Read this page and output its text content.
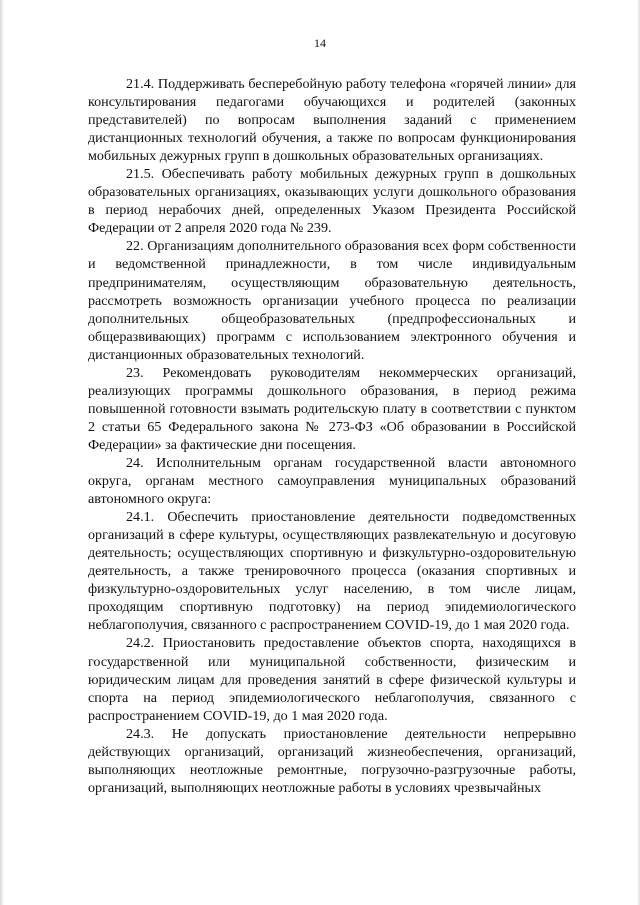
14

21.4. Поддерживать бесперебойную работу телефона «горячей линии» для консультирования педагогами обучающихся и родителей (законных представителей) по вопросам выполнения заданий с применением дистанционных технологий обучения, а также по вопросам функционирования мобильных дежурных групп в дошкольных образовательных организациях.

21.5. Обеспечивать работу мобильных дежурных групп в дошкольных образовательных организациях, оказывающих услуги дошкольного образования в период нерабочих дней, определенных Указом Президента Российской Федерации от 2 апреля 2020 года № 239.

22. Организациям дополнительного образования всех форм собственности и ведомственной принадлежности, в том числе индивидуальным предпринимателям, осуществляющим образовательную деятельность, рассмотреть возможность организации учебного процесса по реализации дополнительных общеобразовательных (предпрофессиональных и общеразвивающих) программ с использованием электронного обучения и дистанционных образовательных технологий.

23. Рекомендовать руководителям некоммерческих организаций, реализующих программы дошкольного образования, в период режима повышенной готовности взымать родительскую плату в соответствии с пунктом 2 статьи 65 Федерального закона № 273-ФЗ «Об образовании в Российской Федерации» за фактические дни посещения.

24. Исполнительным органам государственной власти автономного округа, органам местного самоуправления муниципальных образований автономного округа:

24.1. Обеспечить приостановление деятельности подведомственных организаций в сфере культуры, осуществляющих развлекательную и досуговую деятельность; осуществляющих спортивную и физкультурно-оздоровительную деятельность, а также тренировочного процесса (оказания спортивных и физкультурно-оздоровительных услуг населению, в том числе лицам, проходящим спортивную подготовку) на период эпидемиологического неблагополучия, связанного с распространением COVID-19, до 1 мая 2020 года.

24.2. Приостановить предоставление объектов спорта, находящихся в государственной или муниципальной собственности, физическим и юридическим лицам для проведения занятий в сфере физической культуры и спорта на период эпидемиологического неблагополучия, связанного с распространением COVID-19, до 1 мая 2020 года.

24.3. Не допускать приостановление деятельности непрерывно действующих организаций, организаций жизнеобеспечения, организаций, выполняющих неотложные ремонтные, погрузочно-разгрузочные работы, организаций, выполняющих неотложные работы в условиях чрезвычайных
